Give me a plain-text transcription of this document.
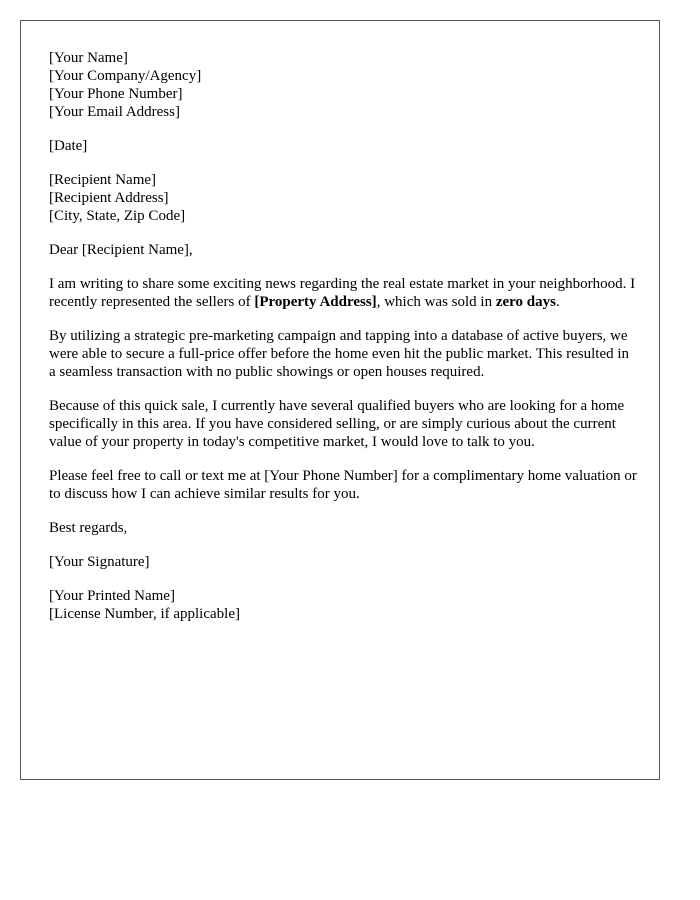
[Your Name]
[Your Company/Agency]
[Your Phone Number]
[Your Email Address]
[Date]
[Recipient Name]
[Recipient Address]
[City, State, Zip Code]

Dear [Recipient Name],

I am writing to share some exciting news regarding the real estate market in your neighborhood. I recently represented the sellers of [Property Address], which was sold in zero days.

By utilizing a strategic pre-marketing campaign and tapping into a database of active buyers, we were able to secure a full-price offer before the home even hit the public market. This resulted in a seamless transaction with no public showings or open houses required.

Because of this quick sale, I currently have several qualified buyers who are looking for a home specifically in this area. If you have considered selling, or are simply curious about the current value of your property in today's competitive market, I would love to talk to you.

Please feel free to call or text me at [Your Phone Number] for a complimentary home valuation or to discuss how I can achieve similar results for you.

Best regards,

[Your Signature]

[Your Printed Name]
[License Number, if applicable]
